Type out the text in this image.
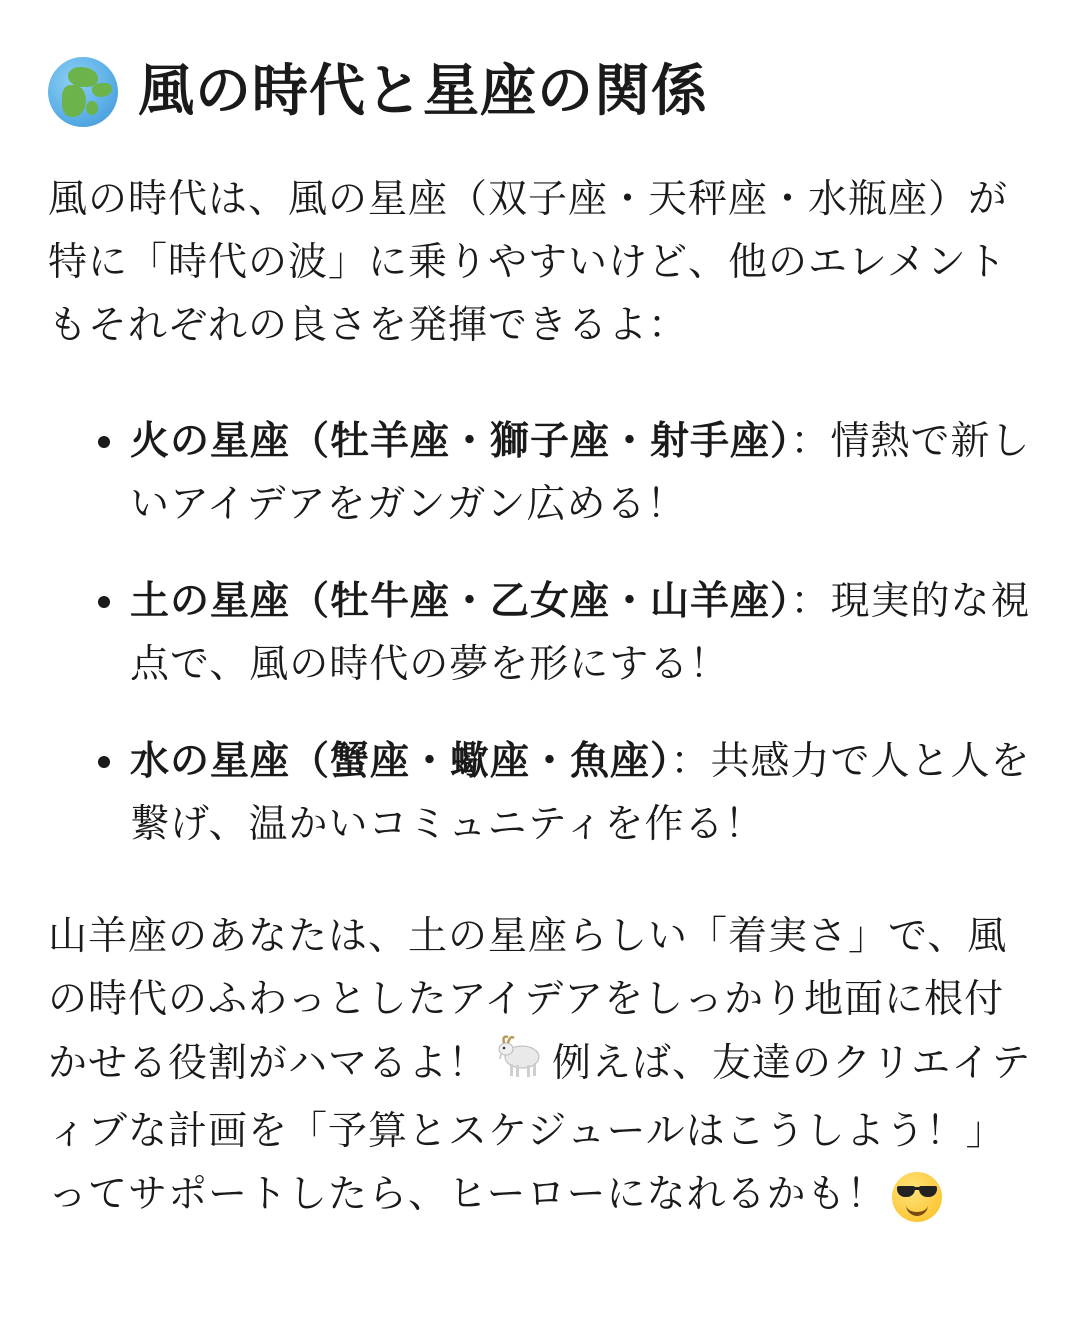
風の時代と星座の関係

風の時代は、風の星座（双子座・天秤座・水瓶座）が特に「時代の波」に乗りやすいけど、他のエレメントもそれぞれの良さを発揮できるよ：

火の星座（牡羊座・獅子座・射手座）：情熱で新しいアイデアをガンガン広める！
土の星座（牡牛座・乙女座・山羊座）：現実的な視点で、風の時代の夢を形にする！
水の星座（蟹座・蠍座・魚座）：共感力で人と人を繋げ、温かいコミュニティを作る！

山羊座のあなたは、土の星座らしい「着実さ」で、風の時代のふわっとしたアイデアをしっかり地面に根付かせる役割がハマるよ！ 例えば、友達のクリエイティブな計画を「予算とスケジュールはこうしよう！」ってサポートしたら、ヒーローになれるかも！
